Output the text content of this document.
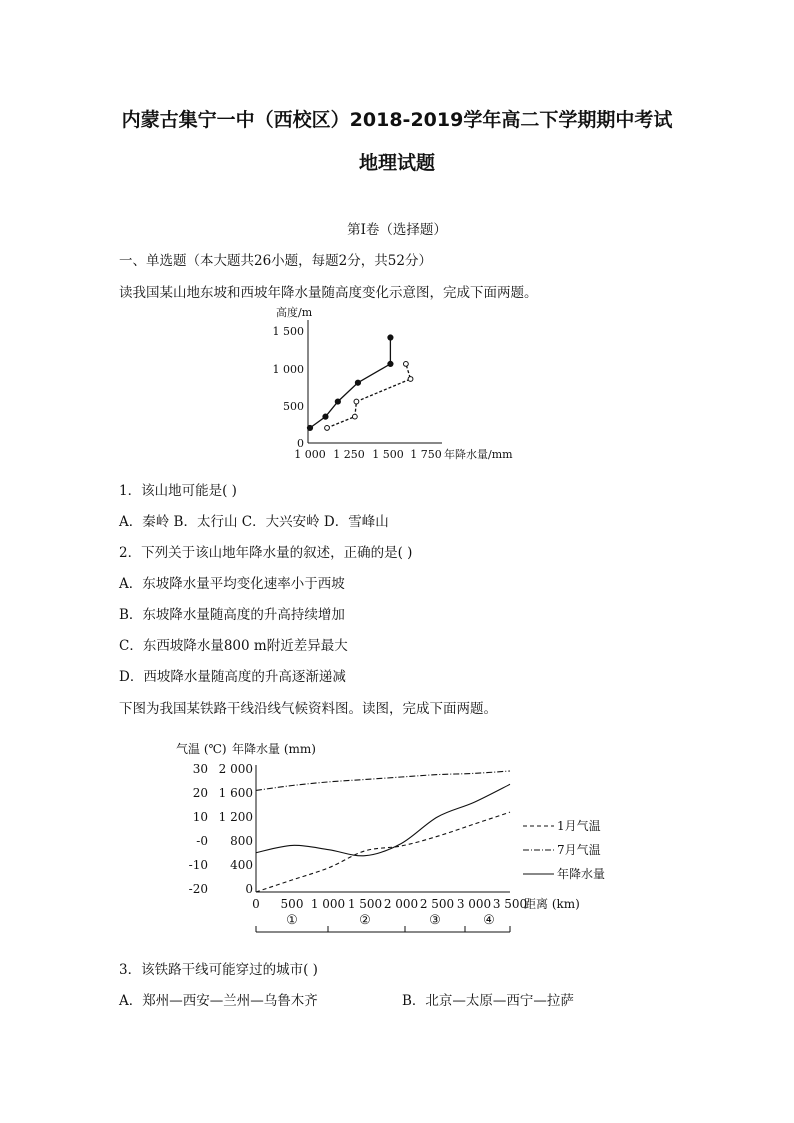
内蒙古集宁一中（西校区）2018-2019学年高二下学期期中考试
地理试题
第Ⅰ卷（选择题）
一、单选题（本大题共26小题，每题2分，共52分）
读我国某山地东坡和西坡年降水量随高度变化示意图，完成下面两题。
高度/m
1 500
1 000
500
0
1 000 1 250 1 500 1 750 年降水量/mm
1．该山地可能是( )
A．秦岭 B．太行山 C．大兴安岭 D．雪峰山
2．下列关于该山地年降水量的叙述，正确的是( )
A．东坡降水量平均变化速率小于西坡
B．东坡降水量随高度的升高持续增加
C．东西坡降水量800 m附近差异最大
D．西坡降水量随高度的升高逐渐递减
下图为我国某铁路干线沿线气候资料图。读图，完成下面两题。
气温 (℃) 年降水量 (mm)
30
20
10
-0
-10
-20
2 000
1 600
1 200
800
400
0
0 500 1 000 1 500 2 000 2 500 3 000 3 500
距离 (km)
①	②	③	④
1月气温
7月气温
年降水量
3．该铁路干线可能穿过的城市( )
A．郑州—西安—兰州—乌鲁木齐	B．北京—太原—西宁—拉萨
